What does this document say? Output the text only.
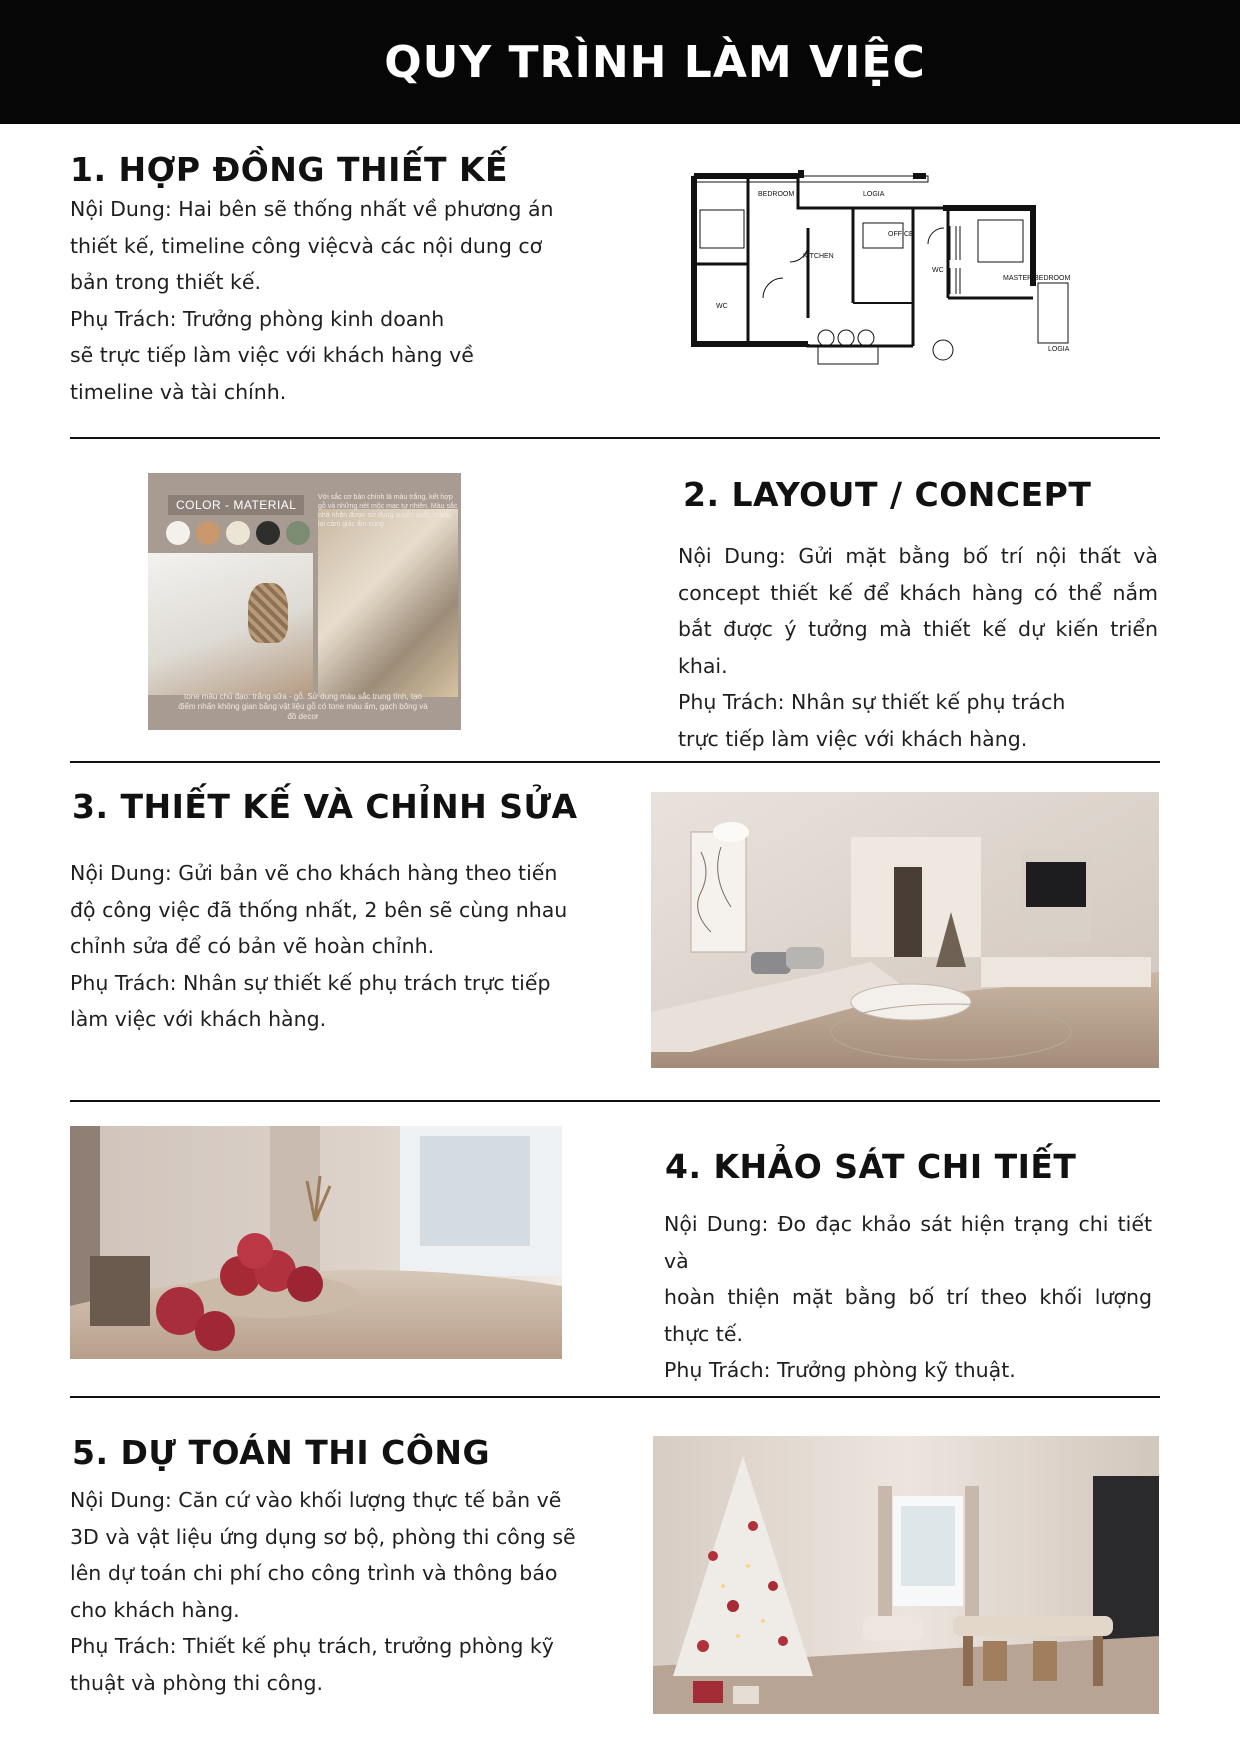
QUY TRÌNH LÀM VIỆC
1. HỢP ĐỒNG THIẾT KẾ

Nội Dung: Hai bên sẽ thống nhất về phương án

thiết kế, timeline công việcvà các nội dung cơ

bản trong thiết kế.

Phụ Trách: Trưởng phòng kinh doanh

sẽ trực tiếp làm việc với khách hàng về

timeline và tài chính.

BEDROOM	LOGIA
KITCHEN
OFFICE
WC
WC
MASTER BEDROOM
LOGIA
Với sắc cơ bản chính là màu trắng, kết hợp gỗ và những nét mộc mạc tự nhiên. Màu sắc nhã nhặn được sử dụng xuyên suốt, mang lại cảm giác ấm cúng.
COLOR - MATERIAL
tone màu chủ đạo: trắng sữa - gỗ. Sử dụng màu sắc trung tính, tạo điểm nhấn không gian bằng vật liệu gỗ có tone màu ấm, gạch bông và đồ decor
2. LAYOUT / CONCEPT

Nội Dung: Gửi mặt bằng bố trí nội thất và

concept thiết kế để khách hàng có thể nắm

bắt được ý tưởng mà thiết kế dự kiến triển khai.

Phụ Trách: Nhân sự thiết kế phụ trách

trực tiếp làm việc với khách hàng.

3. THIẾT KẾ VÀ CHỈNH SỬA

Nội Dung: Gửi bản vẽ cho khách hàng theo tiến

độ công việc đã thống nhất, 2 bên sẽ cùng nhau

chỉnh sửa để có bản vẽ hoàn chỉnh.

Phụ Trách: Nhân sự thiết kế phụ trách trực tiếp

làm việc với khách hàng.

4. KHẢO SÁT CHI TIẾT

Nội Dung: Đo đạc khảo sát hiện trạng chi tiết và

hoàn thiện mặt bằng bố trí theo khối lượng

thực tế.

Phụ Trách: Trưởng phòng kỹ thuật.

5. DỰ TOÁN THI CÔNG

Nội Dung: Căn cứ vào khối lượng thực tế bản vẽ

3D và vật liệu ứng dụng sơ bộ, phòng thi công sẽ

lên dự toán chi phí cho công trình và thông báo

cho khách hàng.

Phụ Trách: Thiết kế phụ trách, trưởng phòng kỹ

thuật và phòng thi công.
